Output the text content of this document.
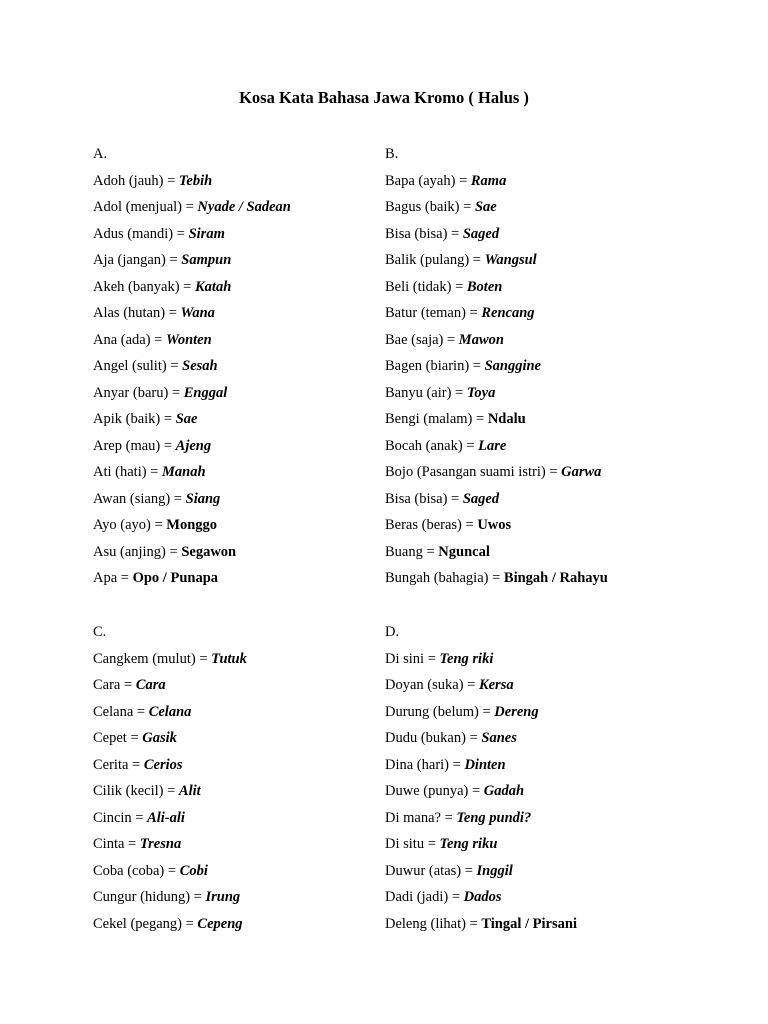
Kosa Kata Bahasa Jawa Kromo ( Halus )
A.
Adoh (jauh) = Tebih
Adol (menjual) = Nyade / Sadean
Adus (mandi) = Siram
Aja (jangan) = Sampun
Akeh (banyak) = Katah
Alas (hutan) = Wana
Ana (ada) = Wonten
Angel (sulit) = Sesah
Anyar (baru) = Enggal
Apik (baik) = Sae
Arep (mau) = Ajeng
Ati (hati) = Manah
Awan (siang) = Siang
Ayo (ayo) = Monggo
Asu (anjing) = Segawon
Apa = Opo / Punapa
B.
Bapa (ayah) = Rama
Bagus (baik) = Sae
Bisa (bisa) = Saged
Balik (pulang) = Wangsul
Beli (tidak) = Boten
Batur (teman) = Rencang
Bae (saja) = Mawon
Bagen (biarin) = Sanggine
Banyu (air) = Toya
Bengi (malam) = Ndalu
Bocah (anak) = Lare
Bojo (Pasangan suami istri) = Garwa
Bisa (bisa) = Saged
Beras (beras) = Uwos
Buang = Nguncal
Bungah (bahagia) = Bingah / Rahayu
C.
Cangkem (mulut) = Tutuk
Cara = Cara
Celana = Celana
Cepet = Gasik
Cerita = Cerios
Cilik (kecil) = Alit
Cincin = Ali-ali
Cinta = Tresna
Coba (coba) = Cobi
Cungur (hidung) = Irung
Cekel (pegang) = Cepeng
D.
Di sini = Teng riki
Doyan (suka) = Kersa
Durung (belum) = Dereng
Dudu (bukan) = Sanes
Dina (hari) = Dinten
Duwe (punya) = Gadah
Di mana? = Teng pundi?
Di situ = Teng riku
Duwur (atas) = Inggil
Dadi (jadi) = Dados
Deleng (lihat) = Tingal / Pirsani
